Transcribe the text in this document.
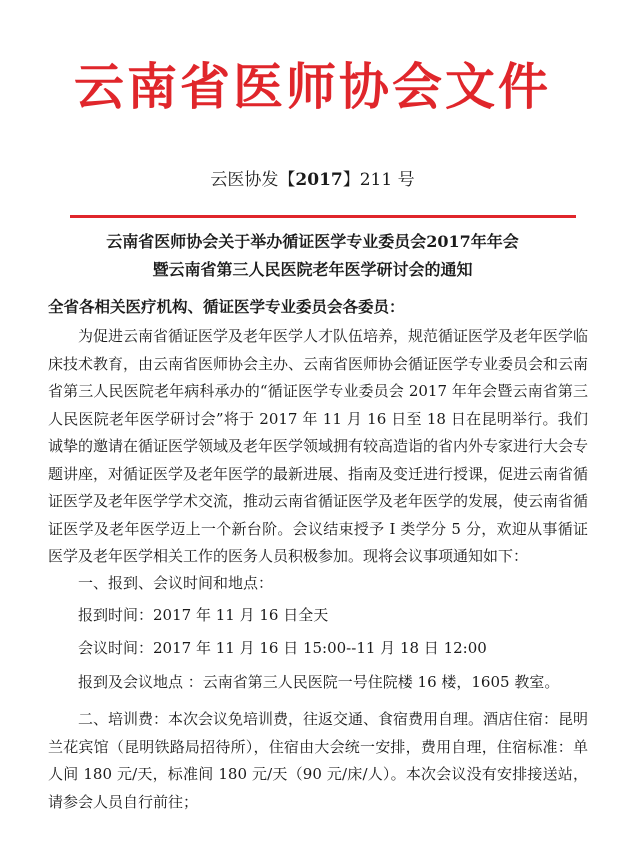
云南省医师协会文件
云医协发【2017】211 号
云南省医师协会关于举办循证医学专业委员会2017年年会
暨云南省第三人民医院老年医学研讨会的通知
全省各相关医疗机构、循证医学专业委员会各委员：
为促进云南省循证医学及老年医学人才队伍培养，规范循证医学及老年医学临床技术教育，由云南省医师协会主办、云南省医师协会循证医学专业委员会和云南省第三人民医院老年病科承办的“循证医学专业委员会 2017 年年会暨云南省第三人民医院老年医学研讨会”将于 2017 年 11 月 16 日至 18 日在昆明举行。我们诚挚的邀请在循证医学领域及老年医学领域拥有较高造诣的省内外专家进行大会专题讲座，对循证医学及老年医学的最新进展、指南及变迁进行授课，促进云南省循证医学及老年医学学术交流，推动云南省循证医学及老年医学的发展，使云南省循证医学及老年医学迈上一个新台阶。会议结束授予 I 类学分 5 分，欢迎从事循证医学及老年医学相关工作的医务人员积极参加。现将会议事项通知如下：
一、报到、会议时间和地点：
报到时间：2017 年 11 月 16 日全天
会议时间：2017 年 11 月 16 日 15:00--11 月 18 日 12:00
报到及会议地点 ：云南省第三人民医院一号住院楼 16 楼，1605 教室。
二、培训费：本次会议免培训费，往返交通、食宿费用自理。酒店住宿：昆明兰花宾馆（昆明铁路局招待所），住宿由大会统一安排，费用自理，住宿标准：单人间 180 元/天，标准间 180 元/天（90 元/床/人）。本次会议没有安排接送站，请参会人员自行前往；
